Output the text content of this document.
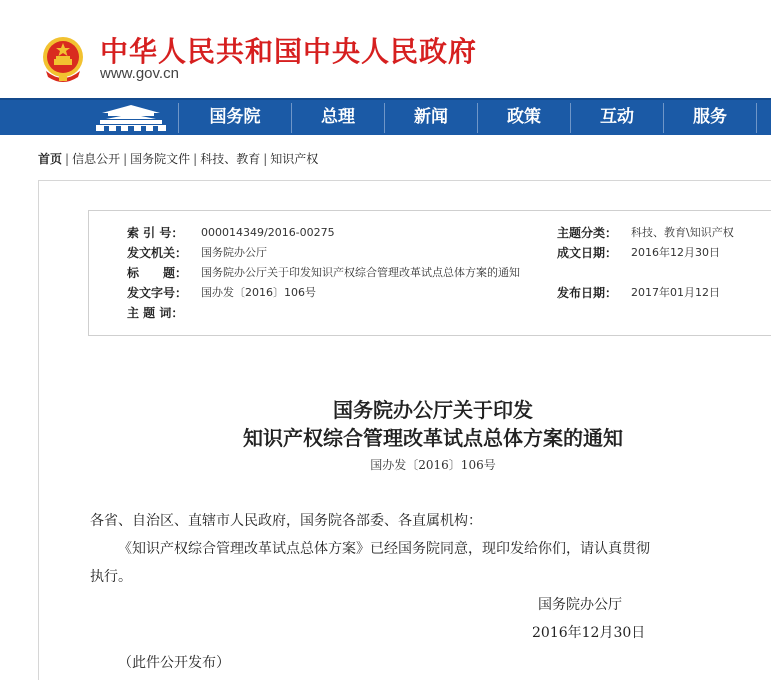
中华人民共和国中央人民政府
www.gov.cn
国务院	总理	新闻	政策	互动	服务
首页 | 信息公开 | 国务院文件 | 科技、教育 | 知识产权
索 引 号：	000014349/2016-00275	主题分类：	科技、教育\知识产权
发文机关：	国务院办公厅	成文日期：	2016年12月30日
标　　题：	国务院办公厅关于印发知识产权综合管理改革试点总体方案的通知
发文字号：	国办发〔2016〕106号	发布日期：	2017年01月12日
主 题 词：
国务院办公厅关于印发
知识产权综合管理改革试点总体方案的通知
国办发〔2016〕106号
各省、自治区、直辖市人民政府，国务院各部委、各直属机构：
《知识产权综合管理改革试点总体方案》已经国务院同意，现印发给你们，请认真贯彻
执行。
国务院办公厅
2016年12月30日
（此件公开发布）
